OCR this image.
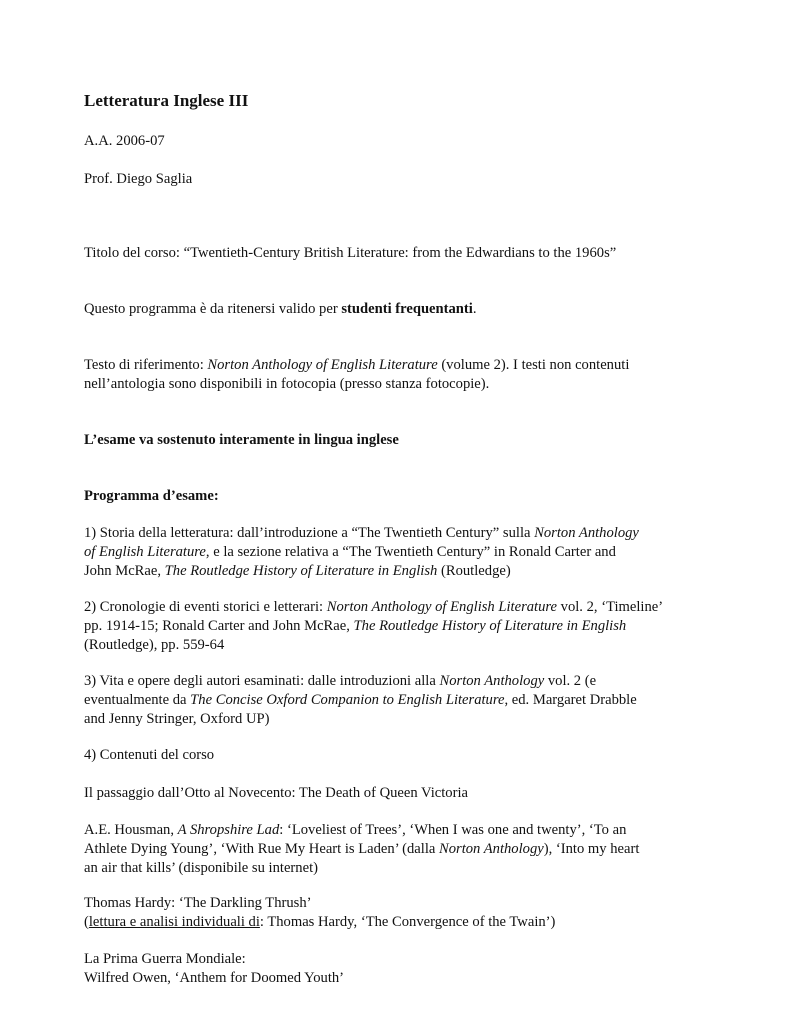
Letteratura Inglese III

A.A. 2006-07

Prof. Diego Saglia

Titolo del corso: “Twentieth-Century British Literature: from the Edwardians to the 1960s”

Questo programma è da ritenersi valido per studenti frequentanti.

Testo di riferimento: Norton Anthology of English Literature (volume 2). I testi non contenuti
nell’antologia sono disponibili in fotocopia (presso stanza fotocopie).

L’esame va sostenuto interamente in lingua inglese

Programma d’esame:

1) Storia della letteratura: dall’introduzione a “The Twentieth Century” sulla Norton Anthology
of English Literature, e la sezione relativa a “The Twentieth Century” in Ronald Carter and
John McRae, The Routledge History of Literature in English (Routledge)

2) Cronologie di eventi storici e letterari: Norton Anthology of English Literature vol. 2, ‘Timeline’
pp. 1914-15; Ronald Carter and John McRae, The Routledge History of Literature in English
(Routledge), pp. 559-64

3) Vita e opere degli autori esaminati: dalle introduzioni alla Norton Anthology vol. 2 (e
eventualmente da The Concise Oxford Companion to English Literature, ed. Margaret Drabble
and Jenny Stringer, Oxford UP)

4) Contenuti del corso

Il passaggio dall’Otto al Novecento: The Death of Queen Victoria

A.E. Housman, A Shropshire Lad: ‘Loveliest of Trees’, ‘When I was one and twenty’, ‘To an
Athlete Dying Young’, ‘With Rue My Heart is Laden’ (dalla Norton Anthology), ‘Into my heart
an air that kills’ (disponibile su internet)

Thomas Hardy: ‘The Darkling Thrush’
(lettura e analisi individuali di: Thomas Hardy, ‘The Convergence of the Twain’)

La Prima Guerra Mondiale:
Wilfred Owen, ‘Anthem for Doomed Youth’
